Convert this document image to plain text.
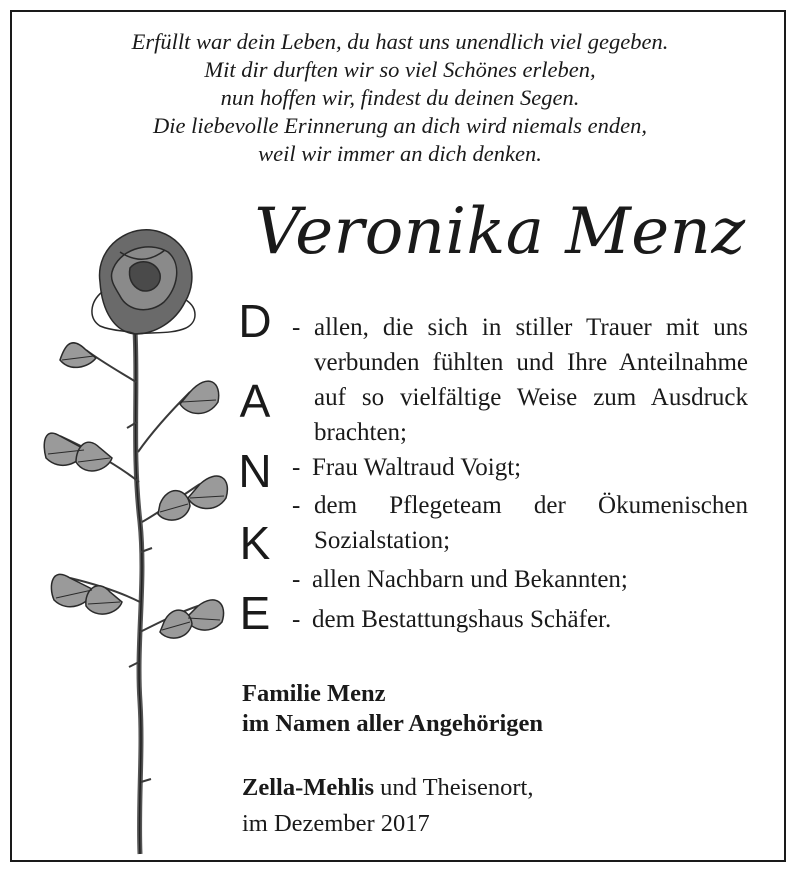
Erfüllt war dein Leben, du hast uns unendlich viel gegeben.
Mit dir durften wir so viel Schönes erleben,
nun hoffen wir, findest du deinen Segen.
Die liebevolle Erinnerung an dich wird niemals enden,
weil wir immer an dich denken.
Veronika Menz
D
A
N
K
E
- allen, die sich in stiller Trauer mit uns verbunden fühlten und Ihre Anteilnahme auf so vielfältige Weise zum Ausdruck brachten;
- Frau Waltraud Voigt;
- dem Pflegeteam der Ökumenischen Sozialstation;
- allen Nachbarn und Bekannten;
- dem Bestattungshaus Schäfer.
Familie Menz
im Namen aller Angehörigen
Zella-Mehlis und Theisenort,
im Dezember 2017
